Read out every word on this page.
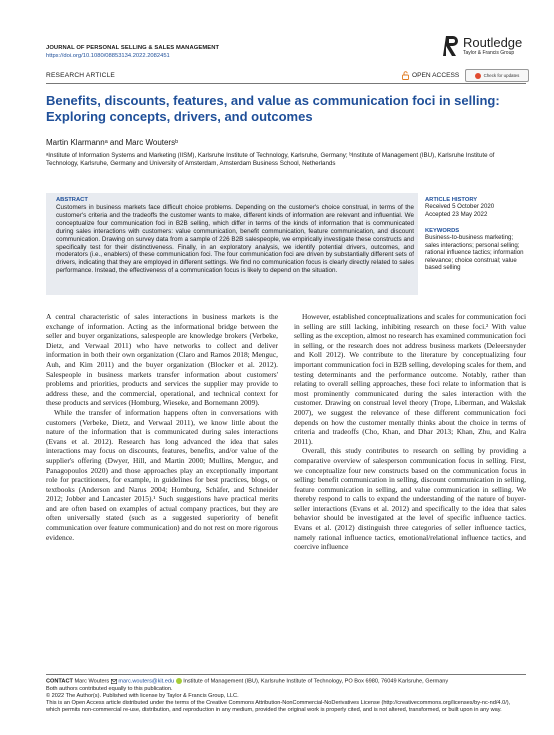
JOURNAL OF PERSONAL SELLING & SALES MANAGEMENT
https://doi.org/10.1080/08853134.2022.2082451
Routledge
Taylor & Francis Group
RESEARCH ARTICLE	OPEN ACCESS	Check for updates
Benefits, discounts, features, and value as communication foci in selling: Exploring concepts, drivers, and outcomes
Martin Klarmannᵃ and Marc Woutersᵇ
ᵃInstitute of Information Systems and Marketing (IISM), Karlsruhe Institute of Technology, Karlsruhe, Germany; ᵇInstitute of Management (IBU), Karlsruhe Institute of Technology, Karlsruhe, Germany and University of Amsterdam, Amsterdam Business School, Netherlands
ABSTRACT
Customers in business markets face difficult choice problems. Depending on the customer's choice construal, in terms of the customer's criteria and the tradeoffs the customer wants to make, different kinds of information are relevant and influential. We conceptualize four communication foci in B2B selling, which differ in terms of the kinds of information that is communicated during sales interactions with customers: value communication, benefit communication, feature communication, and discount communication. Drawing on survey data from a sample of 226 B2B salespeople, we empirically investigate these constructs and specifically test for their distinctiveness. Finally, in an exploratory analysis, we identify potential drivers, outcomes, and moderators (i.e., enablers) of these communication foci. The four communication foci are driven by substantially different sets of drivers, indicating that they are employed in different settings. We find no communication focus is clearly directly related to sales performance. Instead, the effectiveness of a communication focus is likely to depend on the situation.
ARTICLE HISTORY
Received 5 October 2020
Accepted 23 May 2022
KEYWORDS
Business-to-business marketing; sales interactions; personal selling; rational influence tactics; information relevance; choice construal; value based selling

A central characteristic of sales interactions in business markets is the exchange of information. Acting as the informational bridge between the seller and buyer organizations, salespeople are knowledge brokers (Verbeke, Dietz, and Verwaal 2011) who have networks to collect and deliver information in both their own organization (Claro and Ramos 2018; Menguc, Auh, and Kim 2011) and the buyer organization (Blocker et al. 2012). Salespeople in business markets transfer information about customers' problems and priorities, products and services the supplier may provide to address these, and the commercial, operational, and technical context for these products and services (Homburg, Wieseke, and Bornemann 2009).

While the transfer of information happens often in conversations with customers (Verbeke, Dietz, and Verwaal 2011), we know little about the nature of the information that is communicated during sales interactions (Evans et al. 2012). Research has long advanced the idea that sales interactions may focus on discounts, features, benefits, and/or value of the supplier's offering (Dwyer, Hill, and Martin 2000; Mullins, Menguc, and Panagopoulos 2020) and those approaches play an exceptionally important role for practitioners, for example, in guidelines for best practices, blogs, or textbooks (Anderson and Narus 2004; Homburg, Schäfer, and Schneider 2012; Jobber and Lancaster 2015).¹ Such suggestions have practical merits and are often based on examples of actual company practices, but they are often universally stated (such as a suggested superiority of benefit communication over feature communication) and do not rest on more rigorous evidence.

However, established conceptualizations and scales for communication foci in selling are still lacking, inhibiting research on these foci.² With value selling as the exception, almost no research has examined communication foci in selling, or the research does not address business markets (Deleersnyder and Koll 2012). We contribute to the literature by conceptualizing four important communication foci in B2B selling, developing scales for them, and testing determinants and the performance outcome. Notably, rather than relating to overall selling approaches, these foci relate to information that is most prominently communicated during the sales interaction with the customer. Drawing on construal level theory (Trope, Liberman, and Wakslak 2007), we suggest the relevance of these different communication foci depends on how the customer mentally thinks about the choice in terms of criteria and tradeoffs (Cho, Khan, and Dhar 2013; Khan, Zhu, and Kalra 2011).

Overall, this study contributes to research on selling by providing a comparative overview of salesperson communication focus in selling. First, we conceptualize four new constructs based on the communication focus in selling: benefit communication in selling, discount communication in selling, feature communication in selling, and value communication in selling. We thereby respond to calls to expand the understanding of the nature of buyer-seller interactions (Evans et al. 2012) and specifically to the idea that sales behavior should be investigated at the level of specific influence tactics. Evans et al. (2012) distinguish three categories of seller influence tactics, namely rational influence tactics, emotional/relational influence tactics, and coercive influence

CONTACT Marc Wouters marc.wouters@kit.edu Institute of Management (IBU), Karlsruhe Institute of Technology, PO Box 6980, 76049 Karlsruhe, Germany
Both authors contributed equally to this publication.
© 2022 The Author(s). Published with license by Taylor & Francis Group, LLC.
This is an Open Access article distributed under the terms of the Creative Commons Attribution-NonCommercial-NoDerivatives License (http://creativecommons.org/licenses/by-nc-nd/4.0/), which permits non-commercial re-use, distribution, and reproduction in any medium, provided the original work is properly cited, and is not altered, transformed, or built upon in any way.
